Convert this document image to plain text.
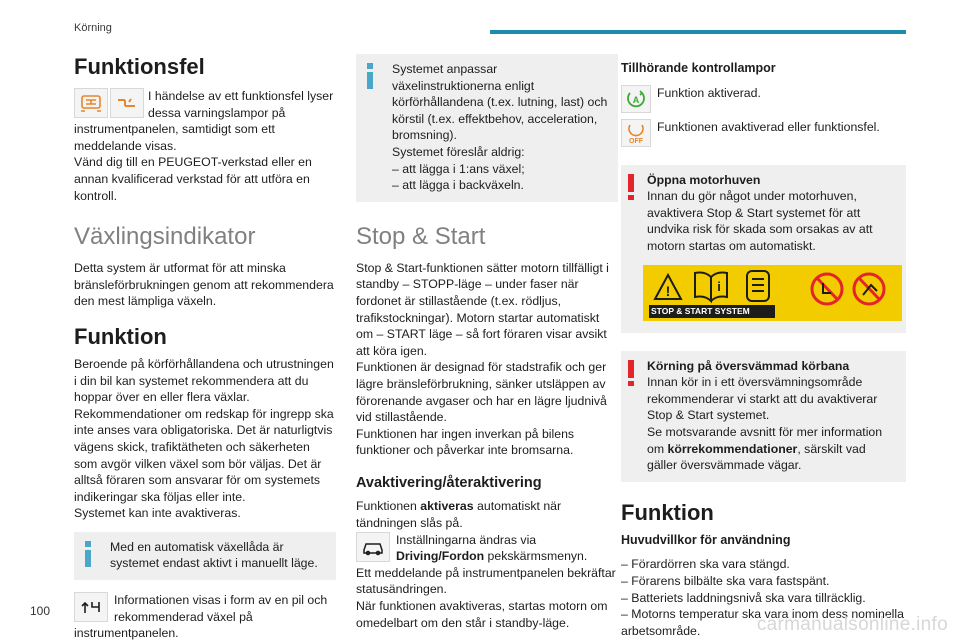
Körning
Funktionsfel

I händelse av ett funktionsfel lyser dessa varningslampor på instrumentpanelen, samtidigt som ett meddelande visas.

Vänd dig till en PEUGEOT-verkstad eller en annan kvalificerad verkstad för att utföra en kontroll.

Växlingsindikator

Detta system är utformat för att minska bränsleförbrukningen genom att rekommendera den mest lämpliga växeln.

Funktion

Beroende på körförhållandena och utrustningen i din bil kan systemet rekommendera att du hoppar över en eller flera växlar.

Rekommendationer om redskap för ingrepp ska inte anses vara obligatoriska. Det är naturligtvis vägens skick, trafiktätheten och säkerheten som avgör vilken växel som bör väljas. Det är alltså föraren som ansvarar för om systemets indikeringar ska följas eller inte.

Systemet kan inte avaktiveras.

Med en automatisk växellåda är systemet endast aktivt i manuellt läge.

Informationen visas i form av en pil och rekommenderad växel på instrumentpanelen.

Systemet anpassar växelinstruktionerna enligt körförhållandena (t.ex. lutning, last) och körstil (t.ex. effektbehov, acceleration, bromsning).
Systemet föreslår aldrig:
– att lägga i 1:ans växel;
– att lägga i backväxeln.
Stop & Start

Stop & Start-funktionen sätter motorn tillfälligt i standby – STOPP-läge – under faser när fordonet är stillastående (t.ex. rödljus, trafikstockningar). Motorn startar automatiskt om – START läge – så fort föraren visar avsikt att köra igen.

Funktionen är designad för stadstrafik och ger lägre bränsleförbrukning, sänker utsläppen av förorenande avgaser och har en lägre ljudnivå vid stillastående.

Funktionen har ingen inverkan på bilens funktioner och påverkar inte bromsarna.

Avaktivering/återaktivering

Funktionen aktiveras automatiskt när tändningen slås på.

Inställningarna ändras via Driving/Fordon pekskärmsmenyn.

Ett meddelande på instrumentpanelen bekräftar statusändringen.

När funktionen avaktiveras, startas motorn om omedelbart om den står i standby-läge.

Tillhörande kontrollampor
A Funktion aktiverad.
OFF
Funktionen avaktiverad eller funktionsfel.
Öppna motorhuven
Innan du gör något under motorhuven, avaktivera Stop & Start systemet för att undvika risk för skada som orsakas av att motorn startas om automatiskt.
!	i
STOP & START SYSTEM
Körning på översvämmad körbana
Innan kör in i ett översvämningsområde rekommenderar vi starkt att du avaktiverar Stop & Start systemet.
Se motsvarande avsnitt för mer information om körrekommendationer, särskilt vad gäller översvämmade vägar.
Funktion
Huvudvillkor för användning
– Förardörren ska vara stängd.
– Förarens bilbälte ska vara fastspänt.
– Batteriets laddningsnivå ska vara tillräcklig.
– Motorns temperatur ska vara inom dess nominella arbetsområde.
100
carmanualsonline.info
